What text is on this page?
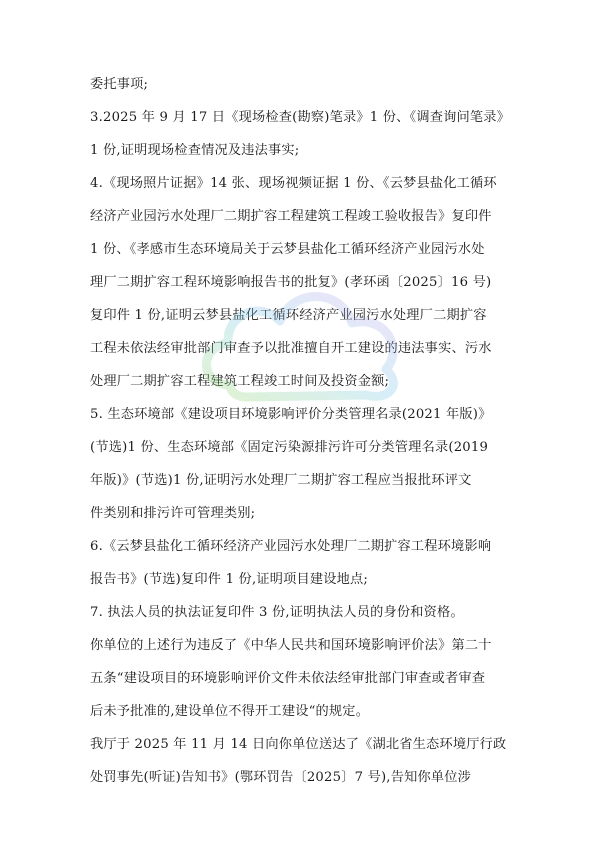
委托事项;
3.2025 年 9 月 17 日《现场检查(勘察)笔录》1 份、《调查询问笔录》
1 份,证明现场检查情况及违法事实;
4.《现场照片证据》14 张、现场视频证据 1 份、《云梦县盐化工循环
经济产业园污水处理厂二期扩容工程建筑工程竣工验收报告》复印件
1 份、《孝感市生态环境局关于云梦县盐化工循环经济产业园污水处
理厂二期扩容工程环境影响报告书的批复》(孝环函〔2025〕16 号)
复印件 1 份,证明云梦县盐化工循环经济产业园污水处理厂二期扩容
工程未依法经审批部门审查予以批准擅自开工建设的违法事实、污水
处理厂二期扩容工程建筑工程竣工时间及投资金额;
5. 生态环境部《建设项目环境影响评价分类管理名录(2021 年版)》
(节选)1 份、生态环境部《固定污染源排污许可分类管理名录(2019
年版)》(节选)1 份,证明污水处理厂二期扩容工程应当报批环评文
件类别和排污许可管理类别;
6.《云梦县盐化工循环经济产业园污水处理厂二期扩容工程环境影响
报告书》(节选)复印件 1 份,证明项目建设地点;
7. 执法人员的执法证复印件 3 份,证明执法人员的身份和资格。
你单位的上述行为违反了《中华人民共和国环境影响评价法》第二十
五条“建设项目的环境影响评价文件未依法经审批部门审查或者审查
后未予批准的,建设单位不得开工建设“的规定。
我厅于 2025 年 11 月 14 日向你单位送达了《湖北省生态环境厅行政
处罚事先(听证)告知书》(鄂环罚告〔2025〕7 号),告知你单位涉
